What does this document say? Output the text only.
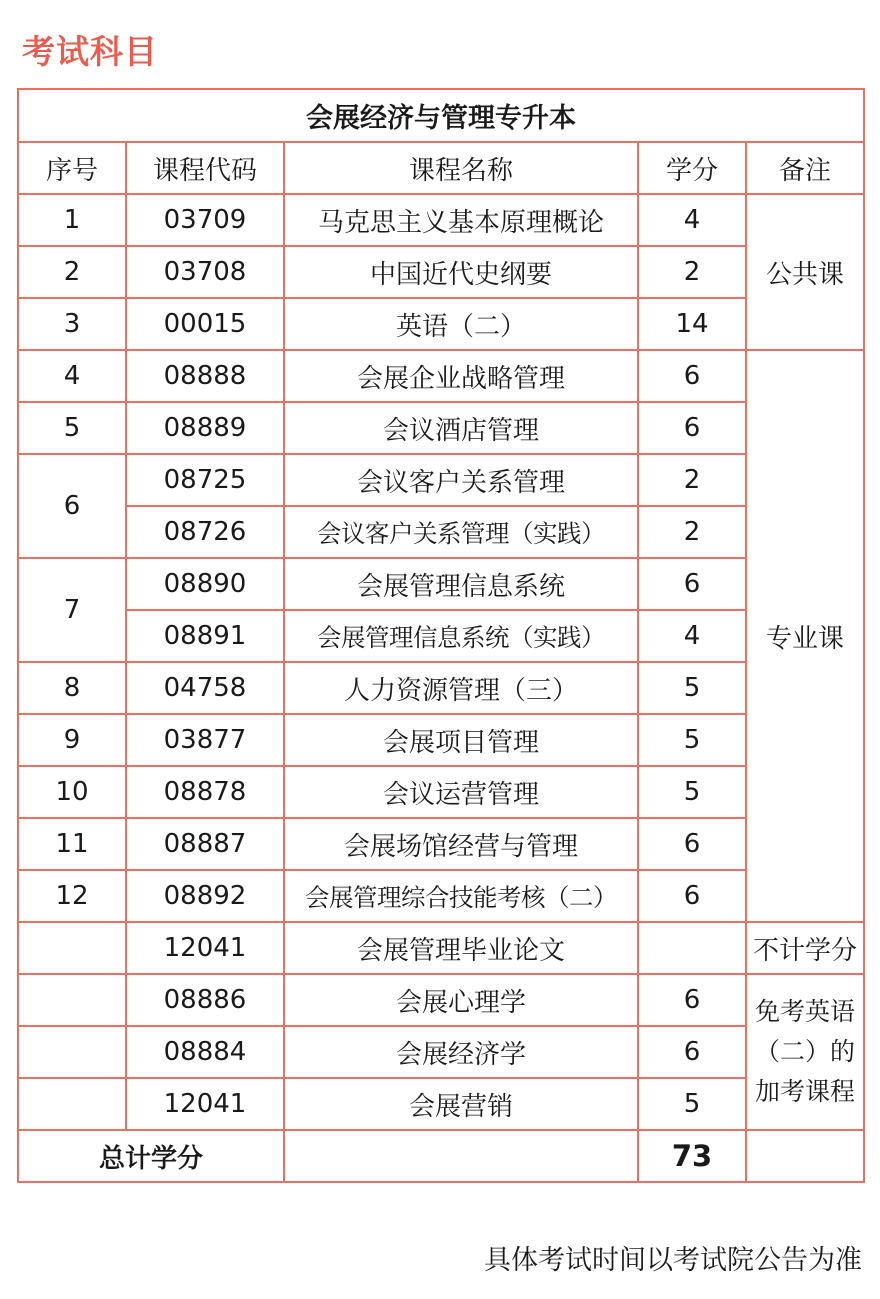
考试科目
会展经济与管理专升本				
序号	课程代码	课程名称	学分	备注
1	03709	马克思主义基本原理概论	4	公共课
2	03708	中国近代史纲要	2	
3	00015	英语（二）	14	
4	08888	会展企业战略管理	6	专业课
5	08889	会议酒店管理	6	
6	08725	会议客户关系管理	2	
	08726	会议客户关系管理（实践）	2	
7	08890	会展管理信息系统	6	
	08891	会展管理信息系统（实践）	4	
8	04758	人力资源管理（三）	5	
9	03877	会展项目管理	5	
10	08878	会议运营管理	5	
11	08887	会展场馆经营与管理	6	
12	08892	会展管理综合技能考核（二）	6	
	12041	会展管理毕业论文		不计学分
	08886	会展心理学	6	免考英语（二）的加考课程
	08884	会展经济学	6	
	12041	会展营销	5	
总计学分			73	
具体考试时间以考试院公告为准
